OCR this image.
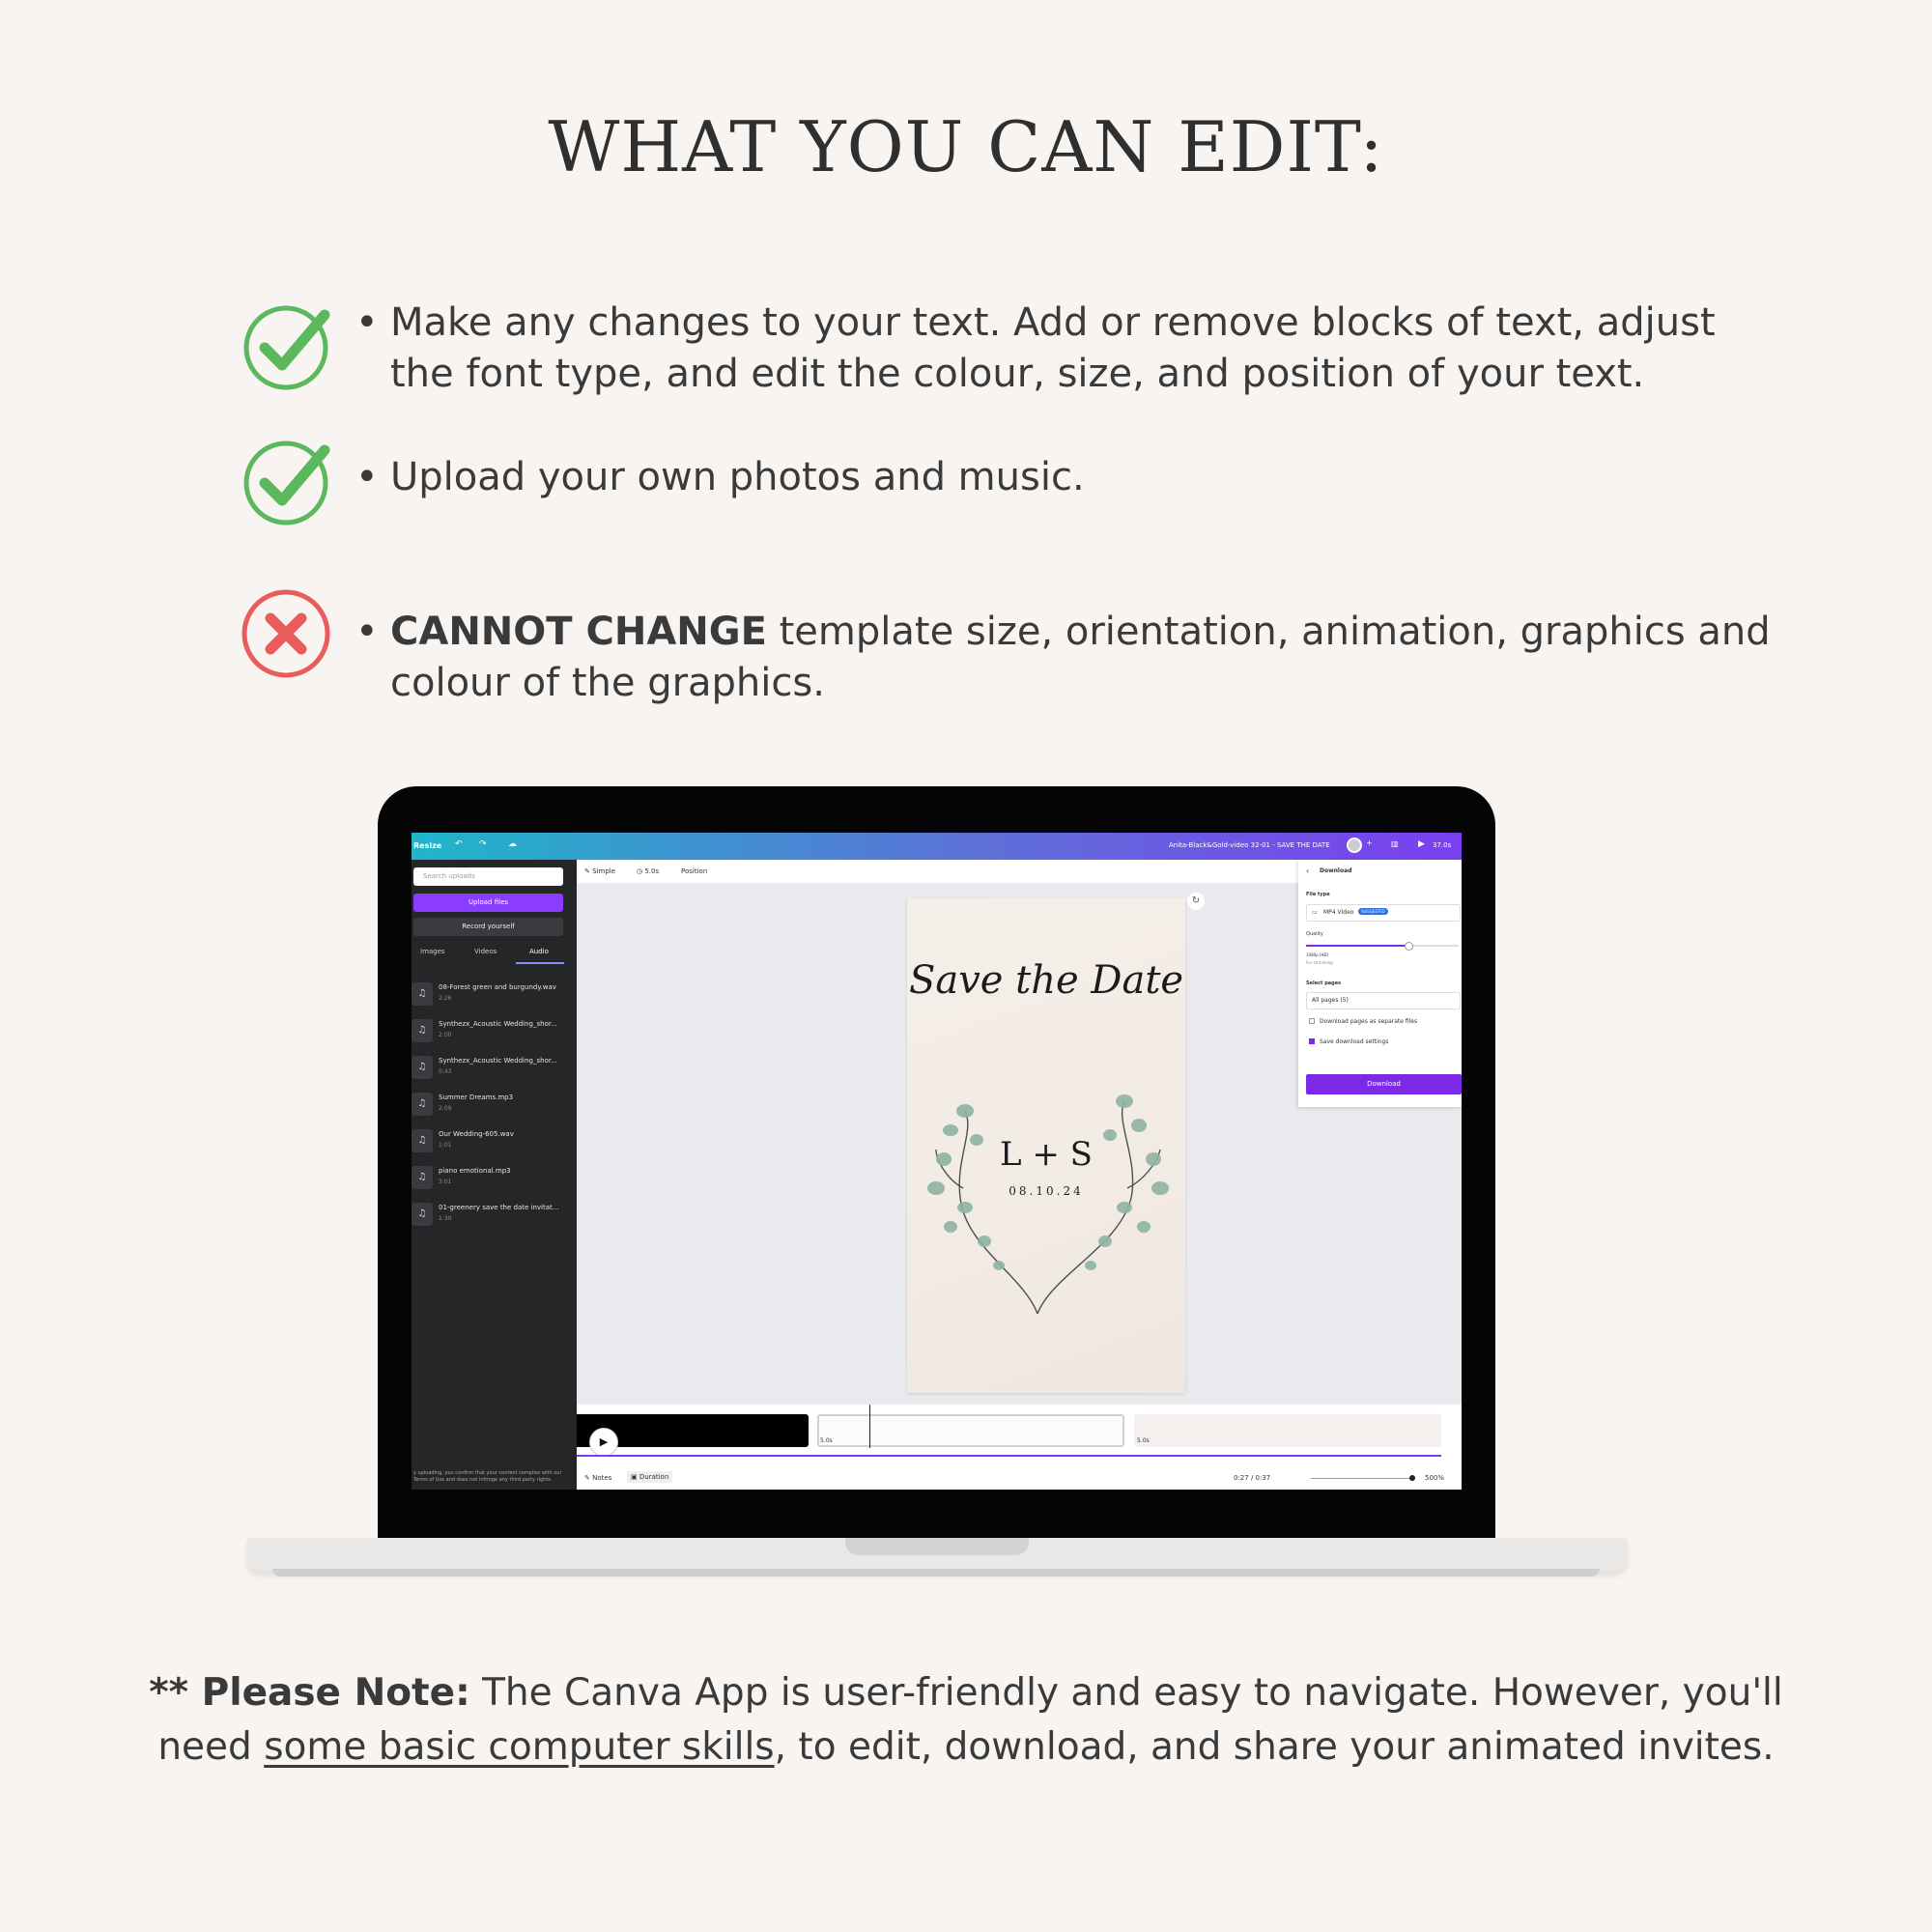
WHAT YOU CAN EDIT:
• Make any changes to your text. Add or remove blocks of text, adjust
the font type, and edit the colour, size, and position of your text.
• Upload your own photos and music.
• CANNOT CHANGE template size, orientation, animation, graphics and
colour of the graphics.
Resize ↶ ↷ ☁	Anita-Black&Gold-video 32-01 - SAVE THE DATE	+ ▥ ▶ 37.0s
Search uploads
Upload files
Record yourself
Images	Videos	Audio
♫
08-Forest green and burgundy.wav
2:26
♫
Synthezx_Acoustic Wedding_shor...
2:00
♫
Synthezx_Acoustic Wedding_shor...
0:43
♫
Summer Dreams.mp3
2:09
♫
Our Wedding-605.wav
1:01
♫
piano emotional.mp3
3:01
♫
01-greenery save the date invitat...
1:30
y uploading, you confirm that your content complies with our
Terms of Use and does not infringe any third party rights.
✎ Simple	◷ 5.0s	Position
↻
Save the Date
L + S
08.10.24
‹ Download
File type
▭ MP4 Video	SUGGESTED
Quality
1080p (HD)
For streaming
Select pages
All pages (5)
Download pages as separate files
Save download settings
Download
▶	5.0s	5.0s
✎ Notes	▣ Duration	0:27 / 0:37	500%
** Please Note: The Canva App is user-friendly and easy to navigate. However, you'll
need some basic computer skills, to edit, download, and share your animated invites.
